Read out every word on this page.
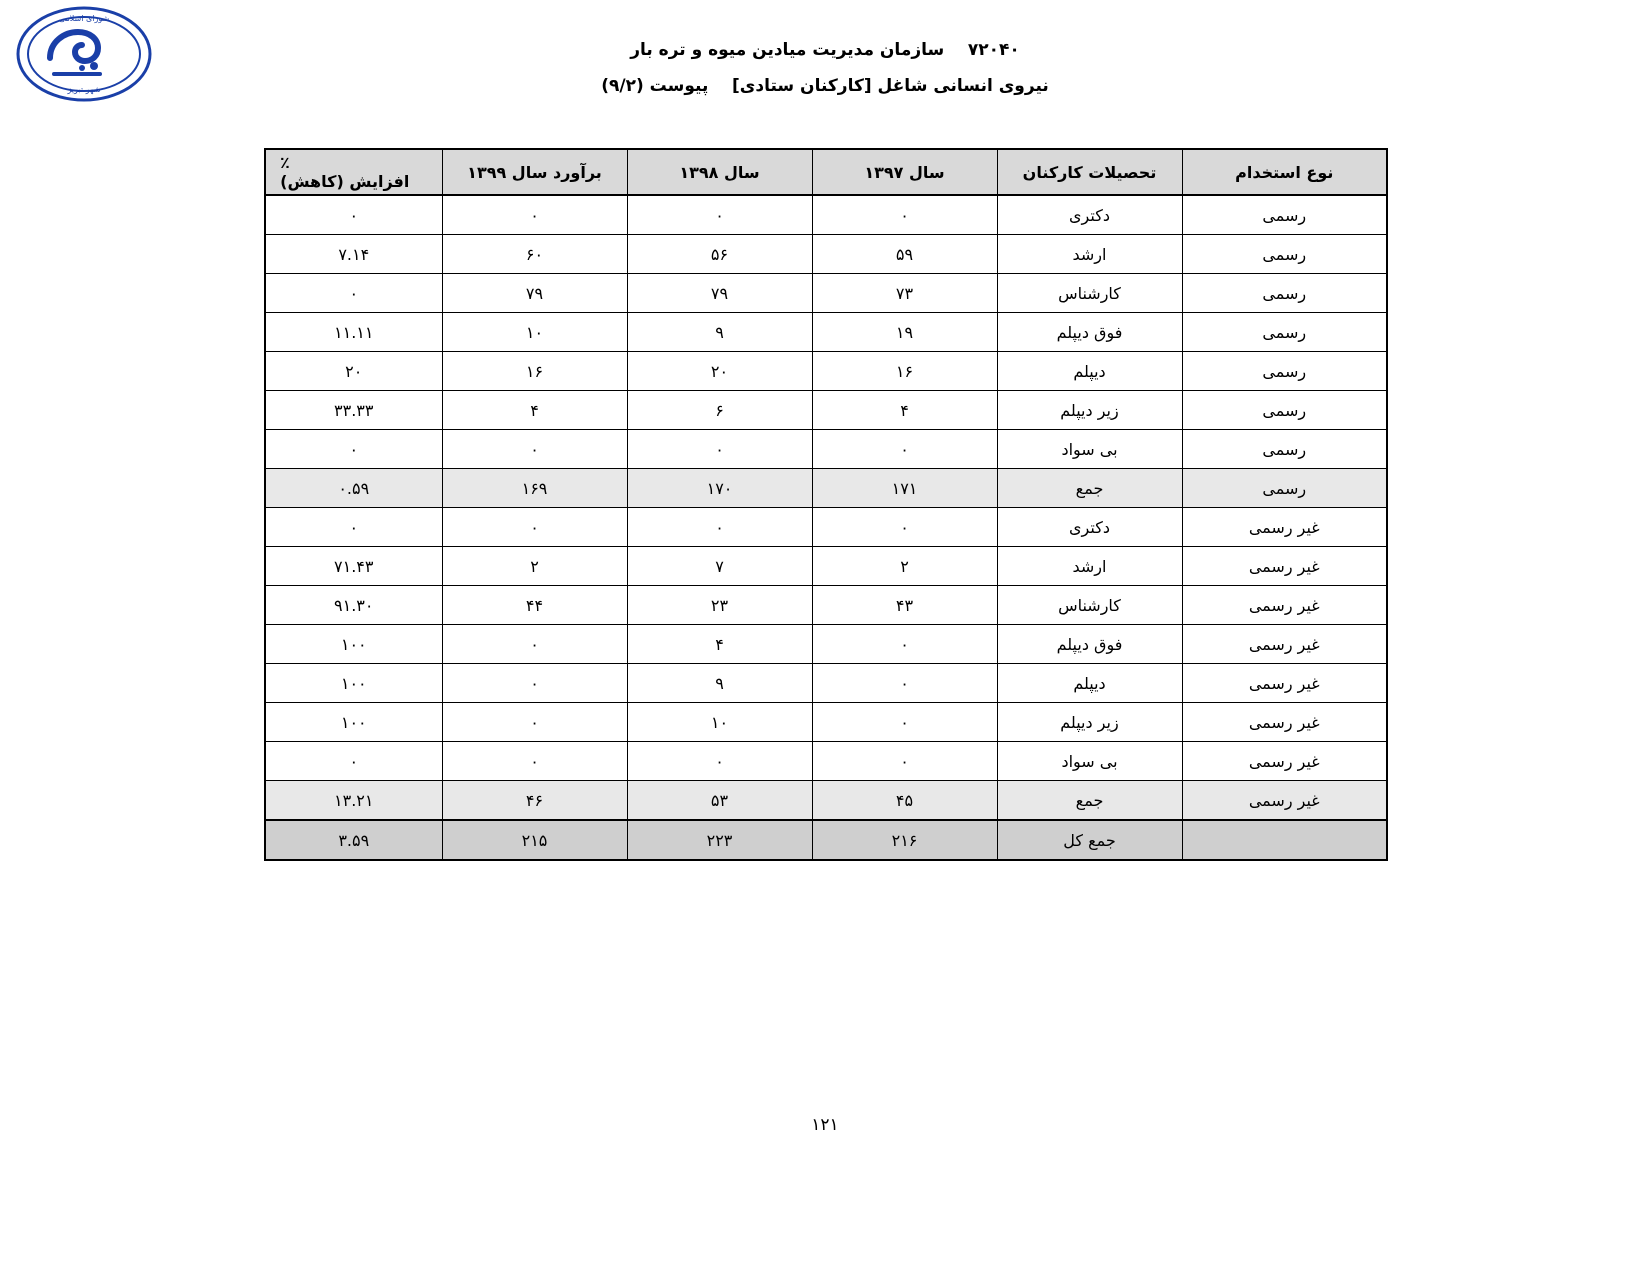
شورای اسلامی
شهر تبریز
۷۲۰۴۰    سازمان مدیریت میادین میوه و تره بار
نیروی انسانی شاغل [کارکنان ستادی]    پیوست (۹/۲)
نوع استخدام	تحصیلات کارکنان	سال ۱۳۹۷	سال ۱۳۹۸	برآورد سال ۱۳۹۹	٪
افزایش (کاهش)
رسمی	دکتری	۰	۰	۰	۰
رسمی	ارشد	۵۹	۵۶	۶۰	۷.۱۴
رسمی	کارشناس	۷۳	۷۹	۷۹	۰
رسمی	فوق دیپلم	۱۹	۹	۱۰	۱۱.۱۱
رسمی	دیپلم	۱۶	۲۰	۱۶	۲۰
رسمی	زیر دیپلم	۴	۶	۴	۳۳.۳۳
رسمی	بی سواد	۰	۰	۰	۰
رسمی	جمع	۱۷۱	۱۷۰	۱۶۹	۰.۵۹
غیر رسمی	دکتری	۰	۰	۰	۰
غیر رسمی	ارشد	۲	۷	۲	۷۱.۴۳
غیر رسمی	کارشناس	۴۳	۲۳	۴۴	۹۱.۳۰
غیر رسمی	فوق دیپلم	۰	۴	۰	۱۰۰
غیر رسمی	دیپلم	۰	۹	۰	۱۰۰
غیر رسمی	زیر دیپلم	۰	۱۰	۰	۱۰۰
غیر رسمی	بی سواد	۰	۰	۰	۰
غیر رسمی	جمع	۴۵	۵۳	۴۶	۱۳.۲۱
	جمع کل	۲۱۶	۲۲۳	۲۱۵	۳.۵۹
۱۲۱
